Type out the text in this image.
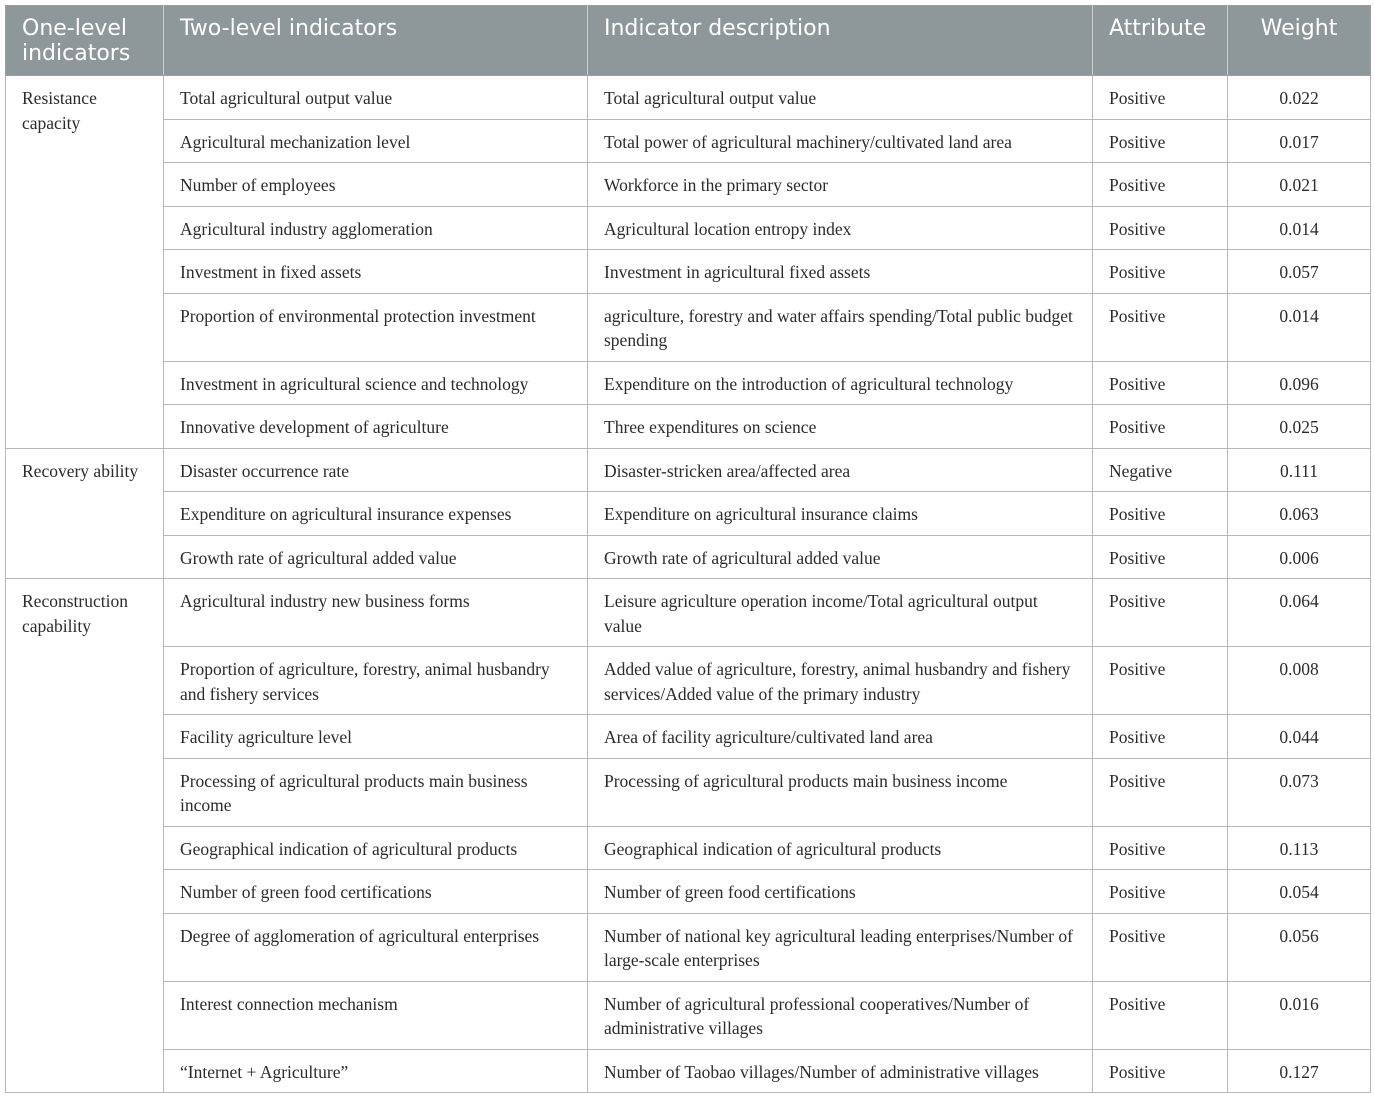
One-level indicators	Two-level indicators	Indicator description	Attribute	Weight
Resistance capacity	Total agricultural output value	Total agricultural output value	Positive	0.022
	Agricultural mechanization level	Total power of agricultural machinery/cultivated land area	Positive	0.017
	Number of employees	Workforce in the primary sector	Positive	0.021
	Agricultural industry agglomeration	Agricultural location entropy index	Positive	0.014
	Investment in fixed assets	Investment in agricultural fixed assets	Positive	0.057
	Proportion of environmental protection investment	agriculture, forestry and water affairs spending/Total public budget spending	Positive	0.014
	Investment in agricultural science and technology	Expenditure on the introduction of agricultural technology	Positive	0.096
	Innovative development of agriculture	Three expenditures on science	Positive	0.025
Recovery ability	Disaster occurrence rate	Disaster-stricken area/affected area	Negative	0.111
	Expenditure on agricultural insurance expenses	Expenditure on agricultural insurance claims	Positive	0.063
	Growth rate of agricultural added value	Growth rate of agricultural added value	Positive	0.006
Reconstruction capability	Agricultural industry new business forms	Leisure agriculture operation income/Total agricultural output value	Positive	0.064
	Proportion of agriculture, forestry, animal husbandry and fishery services	Added value of agriculture, forestry, animal husbandry and fishery services/Added value of the primary industry	Positive	0.008
	Facility agriculture level	Area of facility agriculture/cultivated land area	Positive	0.044
	Processing of agricultural products main business income	Processing of agricultural products main business income	Positive	0.073
	Geographical indication of agricultural products	Geographical indication of agricultural products	Positive	0.113
	Number of green food certifications	Number of green food certifications	Positive	0.054
	Degree of agglomeration of agricultural enterprises	Number of national key agricultural leading enterprises/Number of large-scale enterprises	Positive	0.056
	Interest connection mechanism	Number of agricultural professional cooperatives/Number of administrative villages	Positive	0.016
	“Internet + Agriculture”	Number of Taobao villages/Number of administrative villages	Positive	0.127
